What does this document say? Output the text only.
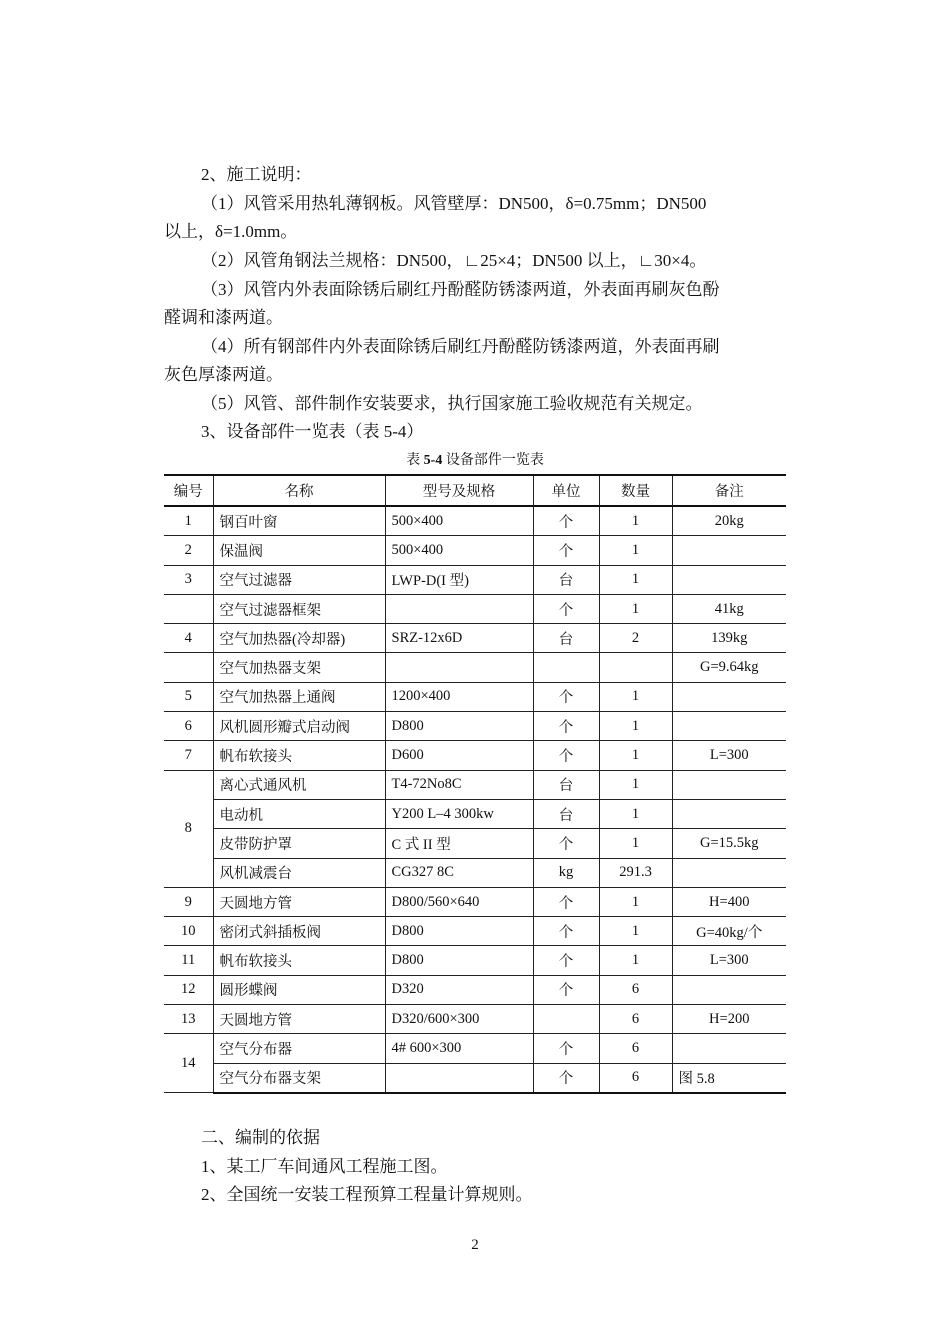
2、施工说明：
（1）风管采用热轧薄钢板。风管壁厚：DN500，δ=0.75mm；DN500
以上，δ=1.0mm。
（2）风管角钢法兰规格：DN500，∟25×4；DN500 以上，∟30×4。
（3）风管内外表面除锈后刷红丹酚醛防锈漆两道，外表面再刷灰色酚
醛调和漆两道。
（4）所有钢部件内外表面除锈后刷红丹酚醛防锈漆两道，外表面再刷
灰色厚漆两道。
（5）风管、部件制作安装要求，执行国家施工验收规范有关规定。
3、设备部件一览表（表 5-4）
表 5-4 设备部件一览表
编号	名称	型号及规格	单位	数量	备注
1	钢百叶窗	500×400	个	1	20kg
2	保温阀	500×400	个	1	
3	空气过滤器	LWP-D(I 型)	台	1	
	空气过滤器框架		个	1	41kg
4	空气加热器(冷却器)	SRZ-12x6D	台	2	139kg
	空气加热器支架				G=9.64kg
5	空气加热器上通阀	1200×400	个	1	
6	风机圆形瓣式启动阀	D800	个	1	
7	帆布软接头	D600	个	1	L=300
8	离心式通风机	T4-72No8C	台	1	
	电动机	Y200 L–4 300kw	台	1	
	皮带防护罩	C 式 II 型	个	1	G=15.5kg
	风机减震台	CG327 8C	kg	291.3	
9	天圆地方管	D800/560×640	个	1	H=400
10	密闭式斜插板阀	D800	个	1	G=40kg/个
11	帆布软接头	D800	个	1	L=300
12	圆形蝶阀	D320	个	6	
13	天圆地方管	D320/600×300		6	H=200
14	空气分布器	4# 600×300	个	6	
	空气分布器支架		个	6	图 5.8
二、编制的依据
1、某工厂车间通风工程施工图。
2、全国统一安装工程预算工程量计算规则。
2
